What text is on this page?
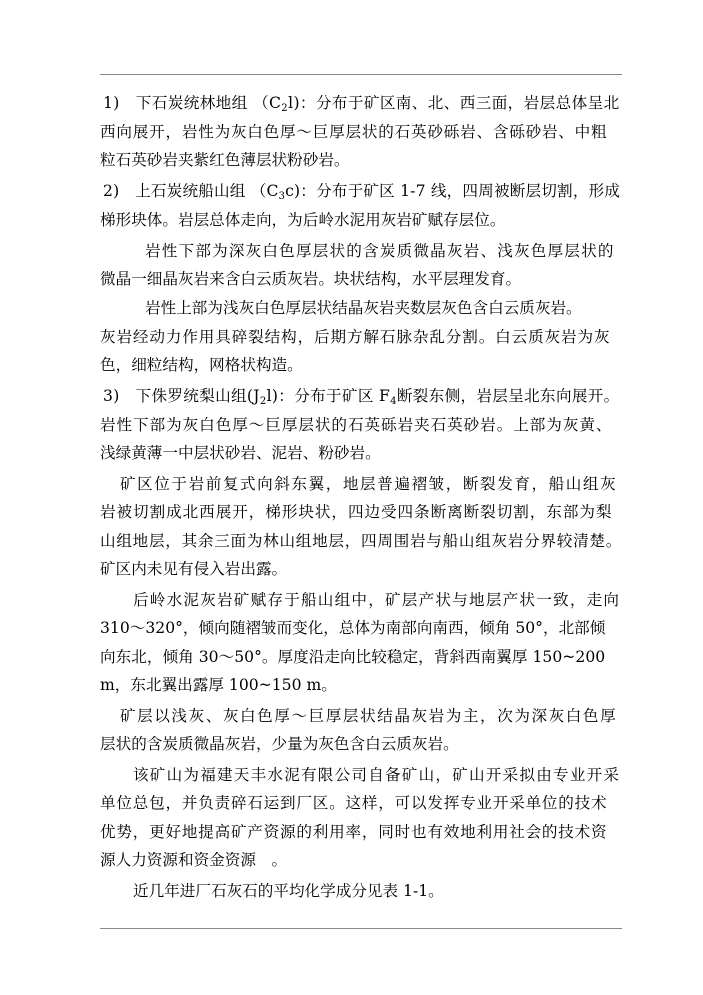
1)　下石炭统林地组 $(C_2l)$：分布于矿区南、北、西三面，岩层总体呈北
西向展开，岩性为灰白色厚～巨厚层状的石英砂砾岩、含砾砂岩、中粗
粒石英砂岩夹紫红色薄层状粉砂岩。
2)　上石炭统船山组 $(C_3c)$：分布于矿区 1-7 线，四周被断层切割，形成
梯形块体。岩层总体走向，为后岭水泥用灰岩矿赋存层位。
岩性下部为深灰白色厚层状的含炭质微晶灰岩、浅灰色厚层状的
微晶一细晶灰岩来含白云质灰岩。块状结构，水平层理发育。
岩性上部为浅灰白色厚层状结晶灰岩夹数层灰色含白云质灰岩。
灰岩经动力作用具碎裂结构，后期方解石脉杂乱分割。白云质灰岩为灰
色，细粒结构，网格状构造。
3)　下侏罗统梨山组$(J_2l)$：分布于矿区 $F_4$断裂东侧，岩层呈北东向展开。
岩性下部为灰白色厚～巨厚层状的石英砾岩夹石英砂岩。上部为灰黄、
浅绿黄薄一中层状砂岩、泥岩、粉砂岩。
矿区位于岩前复式向斜东翼，地层普遍褶皱，断裂发育，船山组灰
岩被切割成北西展开，梯形块状，四边受四条断离断裂切割，东部为梨
山组地层，其余三面为林山组地层，四周围岩与船山组灰岩分界较清楚。
矿区内未见有侵入岩出露。
后岭水泥灰岩矿赋存于船山组中，矿层产状与地层产状一致，走向
310～320°，倾向随褶皱而变化，总体为南部向南西，倾角 50°，北部倾
向东北，倾角 30～50°。厚度沿走向比较稳定，背斜西南翼厚 150~200
m，东北翼出露厚 100~150 m。
矿层以浅灰、灰白色厚～巨厚层状结晶灰岩为主，次为深灰白色厚
层状的含炭质微晶灰岩，少量为灰色含白云质灰岩。
该矿山为福建天丰水泥有限公司自备矿山，矿山开采拟由专业开采
单位总包，并负责碎石运到厂区。这样，可以发挥专业开采单位的技术
优势，更好地提高矿产资源的利用率，同时也有效地利用社会的技术资
源人力资源和资金资源　。
近几年进厂石灰石的平均化学成分见表 1-1。
